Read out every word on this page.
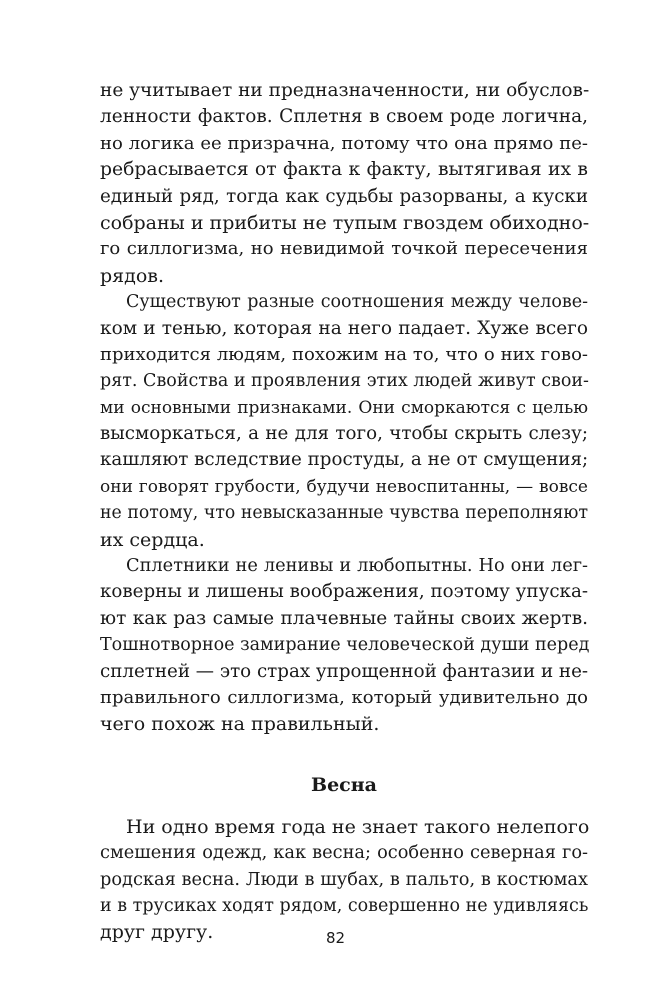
не учитывает ни предназначенности, ни обуслов-
ленности фактов. Сплетня в своем роде логична,
но логика ее призрачна, потому что она прямо пе-
ребрасывается от факта к факту, вытягивая их в
единый ряд, тогда как судьбы разорваны, а куски
собраны и прибиты не тупым гвоздем обиходно-
го силлогизма, но невидимой точкой пересечения
рядов.
Существуют разные соотношения между челове-
ком и тенью, которая на него падает. Хуже всего
приходится людям, похожим на то, что о них гово-
рят. Свойства и проявления этих людей живут свои-
ми основными признаками. Они сморкаются с целью
высморкаться, а не для того, чтобы скрыть слезу;
кашляют вследствие простуды, а не от смущения;
они говорят грубости, будучи невоспитанны, — вовсе
не потому, что невысказанные чувства переполняют
их сердца.
Сплетники не ленивы и любопытны. Но они лег-
коверны и лишены воображения, поэтому упуска-
ют как раз самые плачевные тайны своих жертв.
Тошнотворное замирание человеческой души перед
сплетней — это страх упрощенной фантазии и не-
правильного силлогизма, который удивительно до
чего похож на правильный.
Весна
Ни одно время года не знает такого нелепого
смешения одежд, как весна; особенно северная го-
родская весна. Люди в шубах, в пальто, в костюмах
и в трусиках ходят рядом, совершенно не удивляясь
друг другу.	82
